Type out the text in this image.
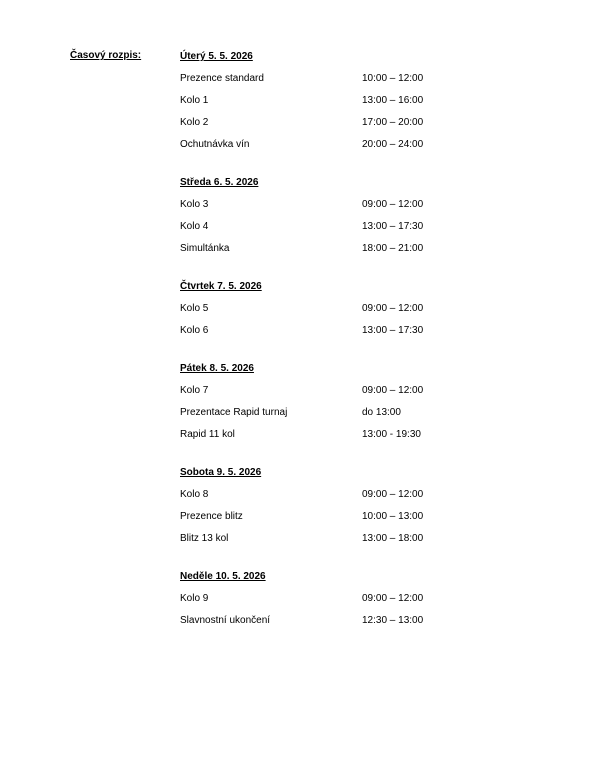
Časový rozpis:	Úterý 5. 5. 2026
Prezence standard	10:00 – 12:00
Kolo 1	13:00 – 16:00
Kolo 2	17:00 – 20:00
Ochutnávka vín	20:00 – 24:00
Středa 6. 5. 2026
Kolo 3	09:00 – 12:00
Kolo 4	13:00 – 17:30
Simultánka	18:00 – 21:00
Čtvrtek 7. 5. 2026
Kolo 5	09:00 – 12:00
Kolo 6	13:00 – 17:30
Pátek 8. 5. 2026
Kolo 7	09:00 – 12:00
Prezentace Rapid turnaj	do 13:00
Rapid 11 kol	13:00 - 19:30
Sobota 9. 5. 2026
Kolo 8	09:00 – 12:00
Prezence blitz	10:00 – 13:00
Blitz 13 kol	13:00 – 18:00
Neděle 10. 5. 2026
Kolo 9	09:00 – 12:00
Slavnostní ukončení	12:30 – 13:00
